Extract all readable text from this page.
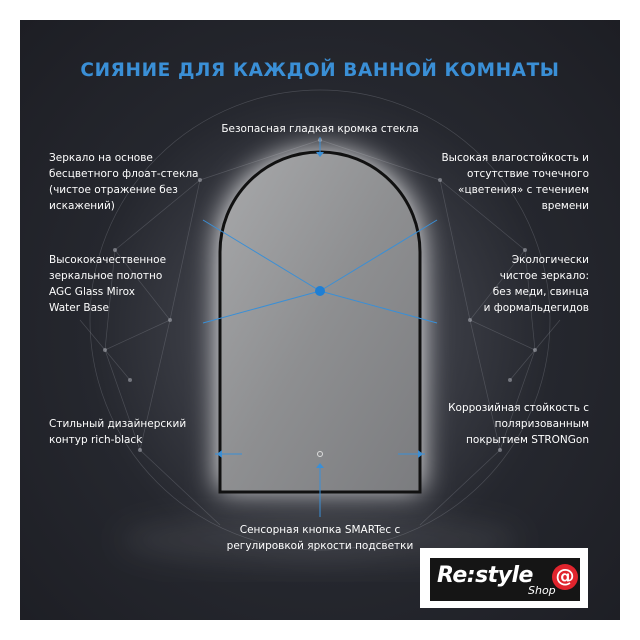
СИЯНИЕ ДЛЯ КАЖДОЙ ВАННОЙ КОМНАТЫ

Безопасная гладкая кромка стекла

Зеркало на основе
бесцветного флоат-стекла
(чистое отражение без
искажений)

Высокая влагостойкость и
отсутствие точечного
«цветения» с течением
времени

Высококачественное
зеркальное полотно
AGC Glass Mirox
Water Base

Экологически
чистое зеркало:
без меди, свинца
и формальдегидов

Стильный дизайнерский
контур rich-black

Коррозийная стойкость с
поляризованным
покрытием STRONGon

Сенсорная кнопка SMARTec с
регулировкой яркости подсветки

Re:style @
Shop
